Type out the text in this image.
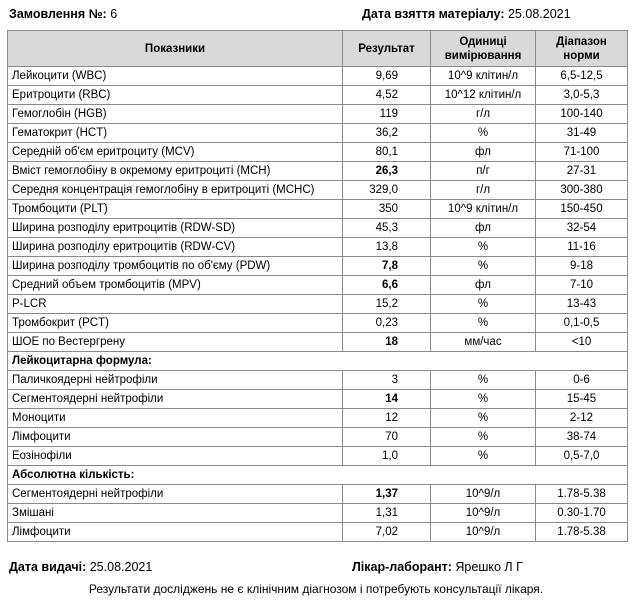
Замовлення №: 6	Дата взяття матеріалу: 25.08.2021
Показники	Результат	Одиниці вимірювання	Діапазон норми
Лейкоцити (WBC)	9,69	10^9 клітин/л	6,5-12,5
Еритроцити (RBC)	4,52	10^12 клітин/л	3,0-5,3
Гемоглобін (HGB)	119	г/л	100-140
Гематокрит (HCT)	36,2	%	31-49
Середній об'єм еритроциту (MCV)	80,1	фл	71-100
Вміст гемоглобіну в окремому еритроциті (MCH)	26,3	п/г	27-31
Середня концентрація гемоглобіну в еритроциті (MCHC)	329,0	г/л	300-380
Тромбоцити (PLT)	350	10^9 клітин/л	150-450
Ширина розподілу еритроцитів (RDW-SD)	45,3	фл	32-54
Ширина розподілу еритроцитів (RDW-CV)	13,8	%	11-16
Ширина розподілу тромбоцитів по об'єму (PDW)	7,8	%	9-18
Средний объем тромбоцитів (MPV)	6,6	фл	7-10
P-LCR	15,2	%	13-43
Тромбокрит (PCT)	0,23	%	0,1-0,5
ШОЕ по Вестергрену	18	мм/час	<10
Лейкоцитарна формула:			
Паличкоядерні нейтрофіли	3	%	0-6
Сегментоядерні нейтрофіли	14	%	15-45
Моноцити	12	%	2-12
Лімфоцити	70	%	38-74
Еозінофіли	1,0	%	0,5-7,0
Абсолютна кількість:			
Сегментоядерні нейтрофіли	1,37	10^9/л	1.78-5.38
Змішані	1,31	10^9/л	0.30-1.70
Лімфоцити	7,02	10^9/л	1.78-5.38
Дата видачі: 25.08.2021	Лікар-лаборант: Ярешко Л Г
Результати досліджень не є клінічним діагнозом і потребують консультації лікаря.
